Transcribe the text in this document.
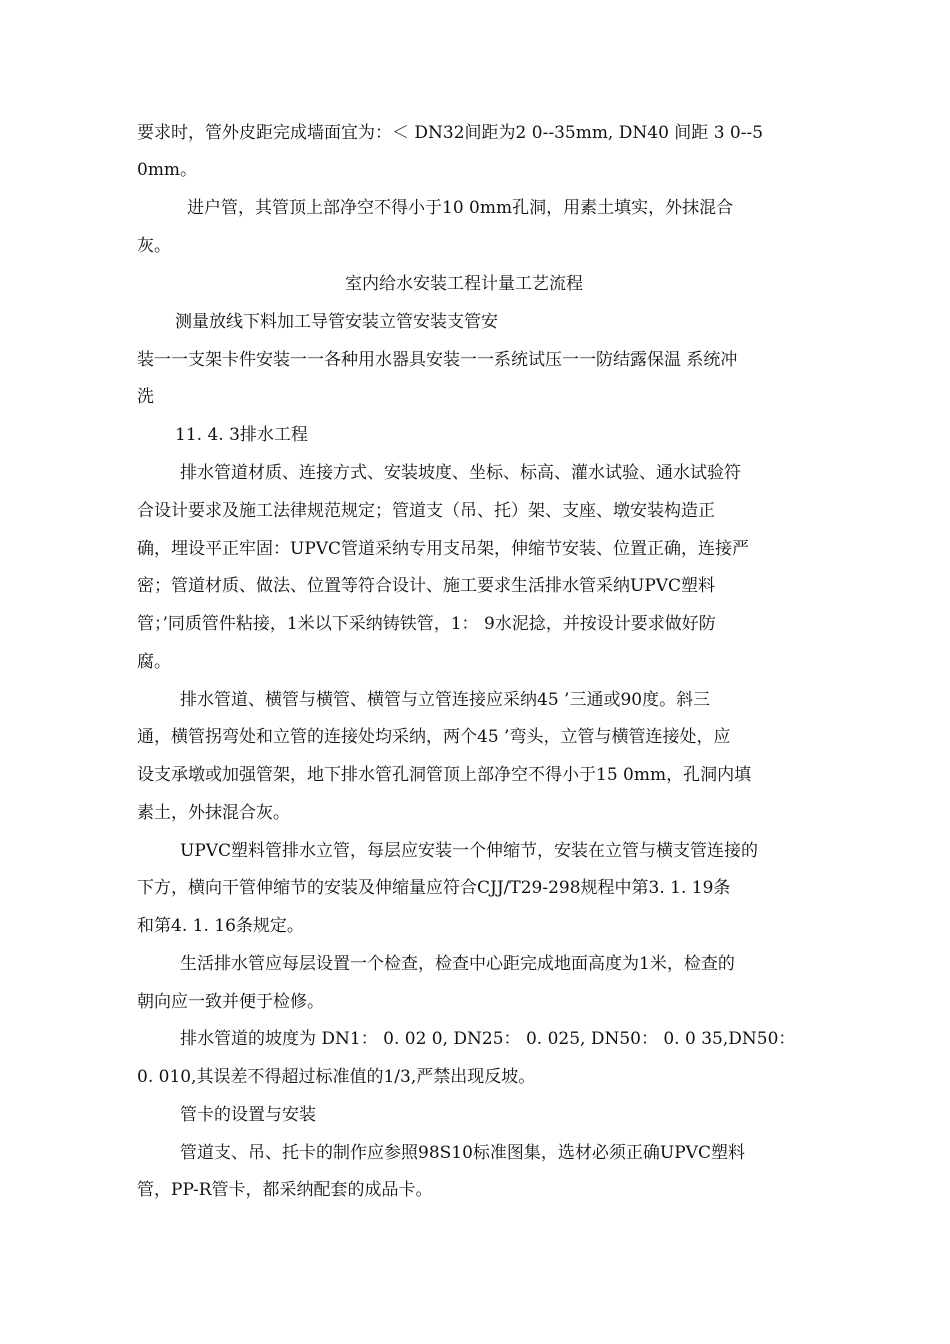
要求时，管外皮距完成墙面宜为：＜ DN32间距为2 0--35mm, DN40 间距 3 0--5
0mm。
进户管，其管顶上部净空不得小于10 0mm孔洞，用素土填实，外抹混合
灰。
室内给水安装工程计量工艺流程
测量放线下料加工导管安装立管安装支管安
装一一支架卡件安装一一各种用水器具安装一一系统试压一一防结露保温 系统冲
洗
11. 4. 3排水工程
排水管道材质、连接方式、安装坡度、坐标、标高、灌水试验、通水试验符
合设计要求及施工法律规范规定；管道支（吊、托）架、支座、墩安装构造正
确，埋设平正牢固：UPVC管道采纳专用支吊架，伸缩节安装、位置正确，连接严
密；管道材质、做法、位置等符合设计、施工要求生活排水管采纳UPVC塑料
管；’同质管件粘接，1米以下采纳铸铁管，1： 9水泥捻，并按设计要求做好防
腐。
排水管道、横管与横管、横管与立管连接应采纳45 ’三通或90度。斜三
通，横管拐弯处和立管的连接处均采纳，两个45 ’弯头，立管与横管连接处，应
设支承墩或加强管架，地下排水管孔洞管顶上部净空不得小于15 0mm，孔洞内填
素土，外抹混合灰。
UPVC塑料管排水立管，每层应安装一个伸缩节，安装在立管与横支管连接的
下方，横向干管伸缩节的安装及伸缩量应符合CJJ/T29-298规程中第3. 1. 19条
和第4. 1. 16条规定。
生活排水管应每层设置一个检查，检查中心距完成地面高度为1米，检查的
朝向应一致并便于检修。
排水管道的坡度为 DN1： 0. 02 0, DN25： 0. 025, DN50： 0. 0 35,DN50：
0. 010,其误差不得超过标准值的1/3,严禁出现反坡。
管卡的设置与安装
管道支、吊、托卡的制作应参照98S10标准图集，选材必须正确UPVC塑料
管，PP-R管卡，都采纳配套的成品卡。
